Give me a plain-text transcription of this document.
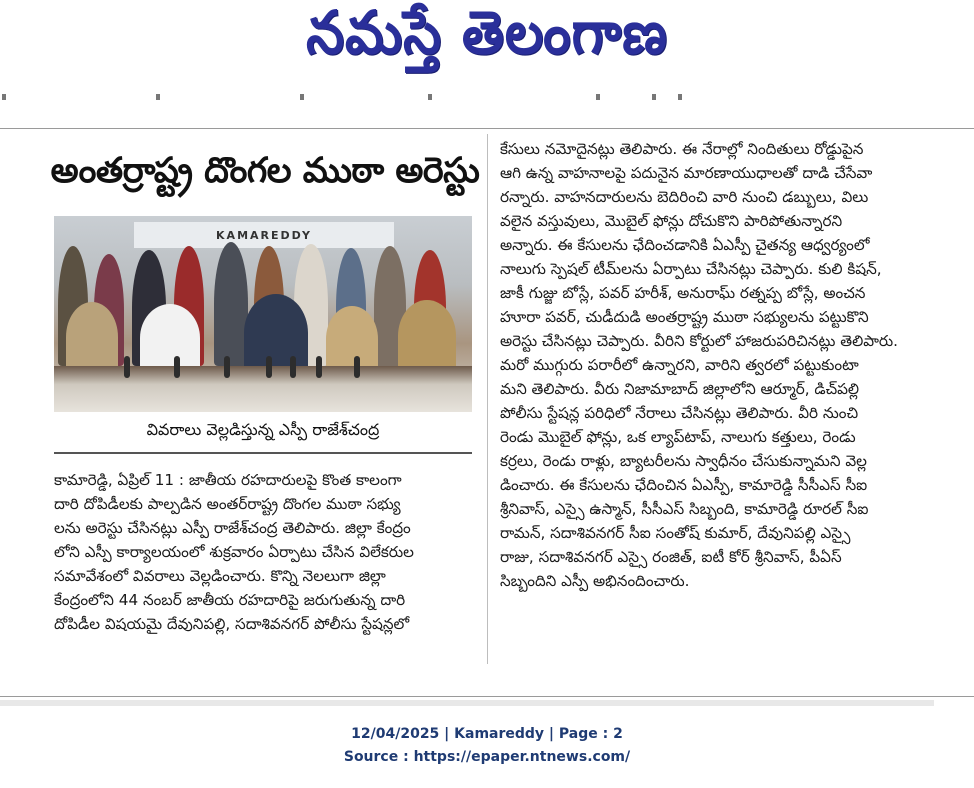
నమస్తే తెలంగాణ
అంతర్రాష్ట్ర దొంగల ముఠా అరెస్టు
KAMAREDDY
వివరాలు వెల్లడిస్తున్న ఎస్పీ రాజేశ్‌చంద్ర
కామారెడ్డి, ఏప్రిల్ 11 : జాతీయ రహదారులపై కొంత కాలంగా
దారి దోపిడీలకు పాల్పడిన అంతర్‌రాష్ట్ర దొంగల ముఠా సభ్యు
లను అరెస్టు చేసినట్లు ఎస్పీ రాజేశ్‌చంద్ర తెలిపారు. జిల్లా కేంద్రం
లోని ఎస్పీ కార్యాలయంలో శుక్రవారం ఏర్పాటు చేసిన విలేకరుల
సమావేశంలో వివరాలు వెల్లడించారు. కొన్ని నెలలుగా జిల్లా
కేంద్రంలోని 44 నంబర్ జాతీయ రహదారిపై జరుగుతున్న దారి
దోపిడీల విషయమై దేవునిపల్లి, సదాశివనగర్ పోలీసు స్టేషన్లలో
కేసులు నమోదైనట్లు తెలిపారు. ఈ నేరాల్లో నిందితులు రోడ్డుపైన
ఆగి ఉన్న వాహనాలపై పదునైన మారణాయుధాలతో దాడి చేసేవా
రన్నారు. వాహనదారులను బెదిరించి వారి నుంచి డబ్బులు, విలు
వలైన వస్తువులు, మొబైల్ ఫోన్లు దోచుకొని పారిపోతున్నారని
అన్నారు. ఈ కేసులను ఛేదించడానికి ఏఎస్పీ చైతన్య ఆధ్వర్యంలో
నాలుగు స్పెషల్ టీమ్‌లను ఏర్పాటు చేసినట్లు చెప్పారు. కులి కిషన్,
జాకీ గుజ్జు బోస్లే, పవర్ హరీశ్, అనురాఘ్ రత్నప్ప బోస్లే, అంచన
హూరా పవర్, చుడీదుడి అంతర్రాష్ట్ర ముఠా సభ్యులను పట్టుకొని
అరెస్టు చేసినట్లు చెప్పారు. వీరిని కోర్టులో హాజరుపరిచినట్లు తెలిపారు.
మరో ముగ్గురు పరారీలో ఉన్నారని, వారిని త్వరలో పట్టుకుంటా
మని తెలిపారు. వీరు నిజామాబాద్ జిల్లాలోని ఆర్మూర్, డిచ్‌పల్లి
పోలీసు స్టేషన్ల పరిధిలో నేరాలు చేసినట్లు తెలిపారు. వీరి నుంచి
రెండు మొబైల్ ఫోన్లు, ఒక ల్యాప్‌టాప్, నాలుగు కత్తులు, రెండు
కర్రలు, రెండు రాళ్లు, బ్యాటరీలను స్వాధీనం చేసుకున్నామని వెల్ల
డించారు. ఈ కేసులను ఛేదించిన ఏఎస్పీ, కామారెడ్డి సీసీఎస్ సీఐ
శ్రీనివాస్, ఎస్సై ఉస్మాన్, సీసీఎస్ సిబ్బంది, కామారెడ్డి రూరల్ సీఐ
రామన్, సదాశివనగర్ సీఐ సంతోష్ కుమార్, దేవునిపల్లి ఎస్సై
రాజు, సదాశివనగర్ ఎస్సై రంజిత్, ఐటీ కోర్ శ్రీనివాస్, పీఏస్
సిబ్బందిని ఎస్పీ అభినందించారు.
12/04/2025 | Kamareddy | Page : 2
Source : https://epaper.ntnews.com/
